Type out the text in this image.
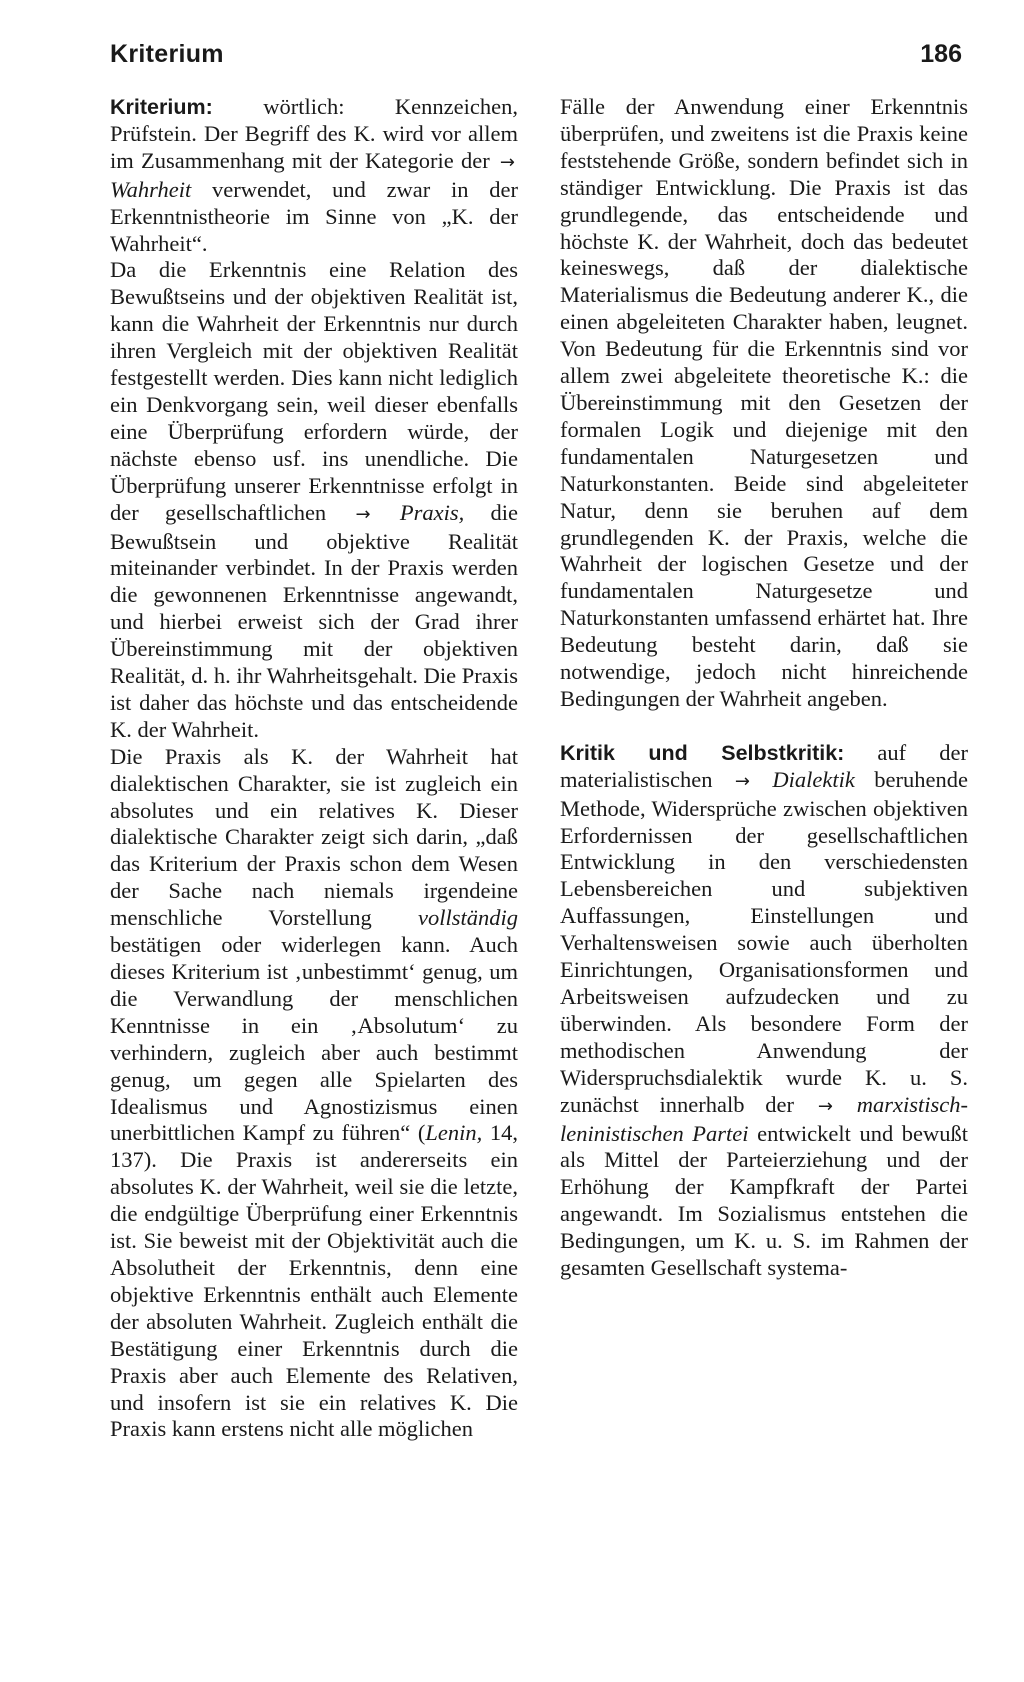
Kriterium	186

Kriterium: wörtlich: Kennzeichen, Prüfstein. Der Begriff des K. wird vor allem im Zusammenhang mit der Kategorie der → Wahrheit verwendet, und zwar in der Erkenntnistheorie im Sinne von „K. der Wahrheit“.

Da die Erkenntnis eine Relation des Bewußtseins und der objektiven Realität ist, kann die Wahrheit der Erkenntnis nur durch ihren Vergleich mit der objektiven Realität festgestellt werden. Dies kann nicht lediglich ein Denkvorgang sein, weil dieser ebenfalls eine Überprüfung erfordern würde, der nächste ebenso usf. ins unendliche. Die Überprüfung unserer Erkenntnisse erfolgt in der gesellschaftlichen → Praxis, die Bewußtsein und objektive Realität miteinander verbindet. In der Praxis werden die gewonnenen Erkenntnisse angewandt, und hierbei erweist sich der Grad ihrer Übereinstimmung mit der objektiven Realität, d. h. ihr Wahrheitsgehalt. Die Praxis ist daher das höchste und das entscheidende K. der Wahrheit.

Die Praxis als K. der Wahrheit hat dialektischen Charakter, sie ist zugleich ein absolutes und ein relatives K. Dieser dialektische Charakter zeigt sich darin, „daß das Kriterium der Praxis schon dem Wesen der Sache nach niemals irgendeine menschliche Vorstellung vollständig bestätigen oder widerlegen kann. Auch dieses Kriterium ist ‚unbestimmt‘ genug, um die Verwandlung der menschlichen Kenntnisse in ein ‚Absolutum‘ zu verhindern, zugleich aber auch bestimmt genug, um gegen alle Spielarten des Idealismus und Agnostizismus einen unerbittlichen Kampf zu führen“ (Lenin, 14, 137). Die Praxis ist andererseits ein absolutes K. der Wahrheit, weil sie die letzte, die endgültige Überprüfung einer Erkenntnis ist. Sie beweist mit der Objektivität auch die Absolutheit der Erkenntnis, denn eine objektive Erkenntnis enthält auch Elemente der absoluten Wahrheit. Zugleich enthält die Bestätigung einer Erkenntnis durch die Praxis aber auch Elemente des Relativen, und insofern ist sie ein relatives K. Die Praxis kann erstens nicht alle möglichen

Fälle der Anwendung einer Erkenntnis überprüfen, und zweitens ist die Praxis keine feststehende Größe, sondern befindet sich in ständiger Entwicklung. Die Praxis ist das grundlegende, das entscheidende und höchste K. der Wahrheit, doch das bedeutet keineswegs, daß der dialektische Materialismus die Bedeutung anderer K., die einen abgeleiteten Charakter haben, leugnet. Von Bedeutung für die Erkenntnis sind vor allem zwei abgeleitete theoretische K.: die Übereinstimmung mit den Gesetzen der formalen Logik und diejenige mit den fundamentalen Naturgesetzen und Naturkonstanten. Beide sind abgeleiteter Natur, denn sie beruhen auf dem grundlegenden K. der Praxis, welche die Wahrheit der logischen Gesetze und der fundamentalen Naturgesetze und Naturkonstanten umfassend erhärtet hat. Ihre Bedeutung besteht darin, daß sie notwendige, jedoch nicht hinreichende Bedingungen der Wahrheit angeben.

Kritik und Selbstkritik: auf der materialistischen → Dialektik beruhende Methode, Widersprüche zwischen objektiven Erfordernissen der gesellschaftlichen Entwicklung in den verschiedensten Lebensbereichen und subjektiven Auffassungen, Einstellungen und Verhaltensweisen sowie auch überholten Einrichtungen, Organisationsformen und Arbeitsweisen aufzudecken und zu überwinden. Als besondere Form der methodischen Anwendung der Widerspruchsdialektik wurde K. u. S. zunächst innerhalb der → marxistisch-leninistischen Partei entwickelt und bewußt als Mittel der Parteierziehung und der Erhöhung der Kampfkraft der Partei angewandt. Im Sozialismus entstehen die Bedingungen, um K. u. S. im Rahmen der gesamten Gesellschaft systema-
